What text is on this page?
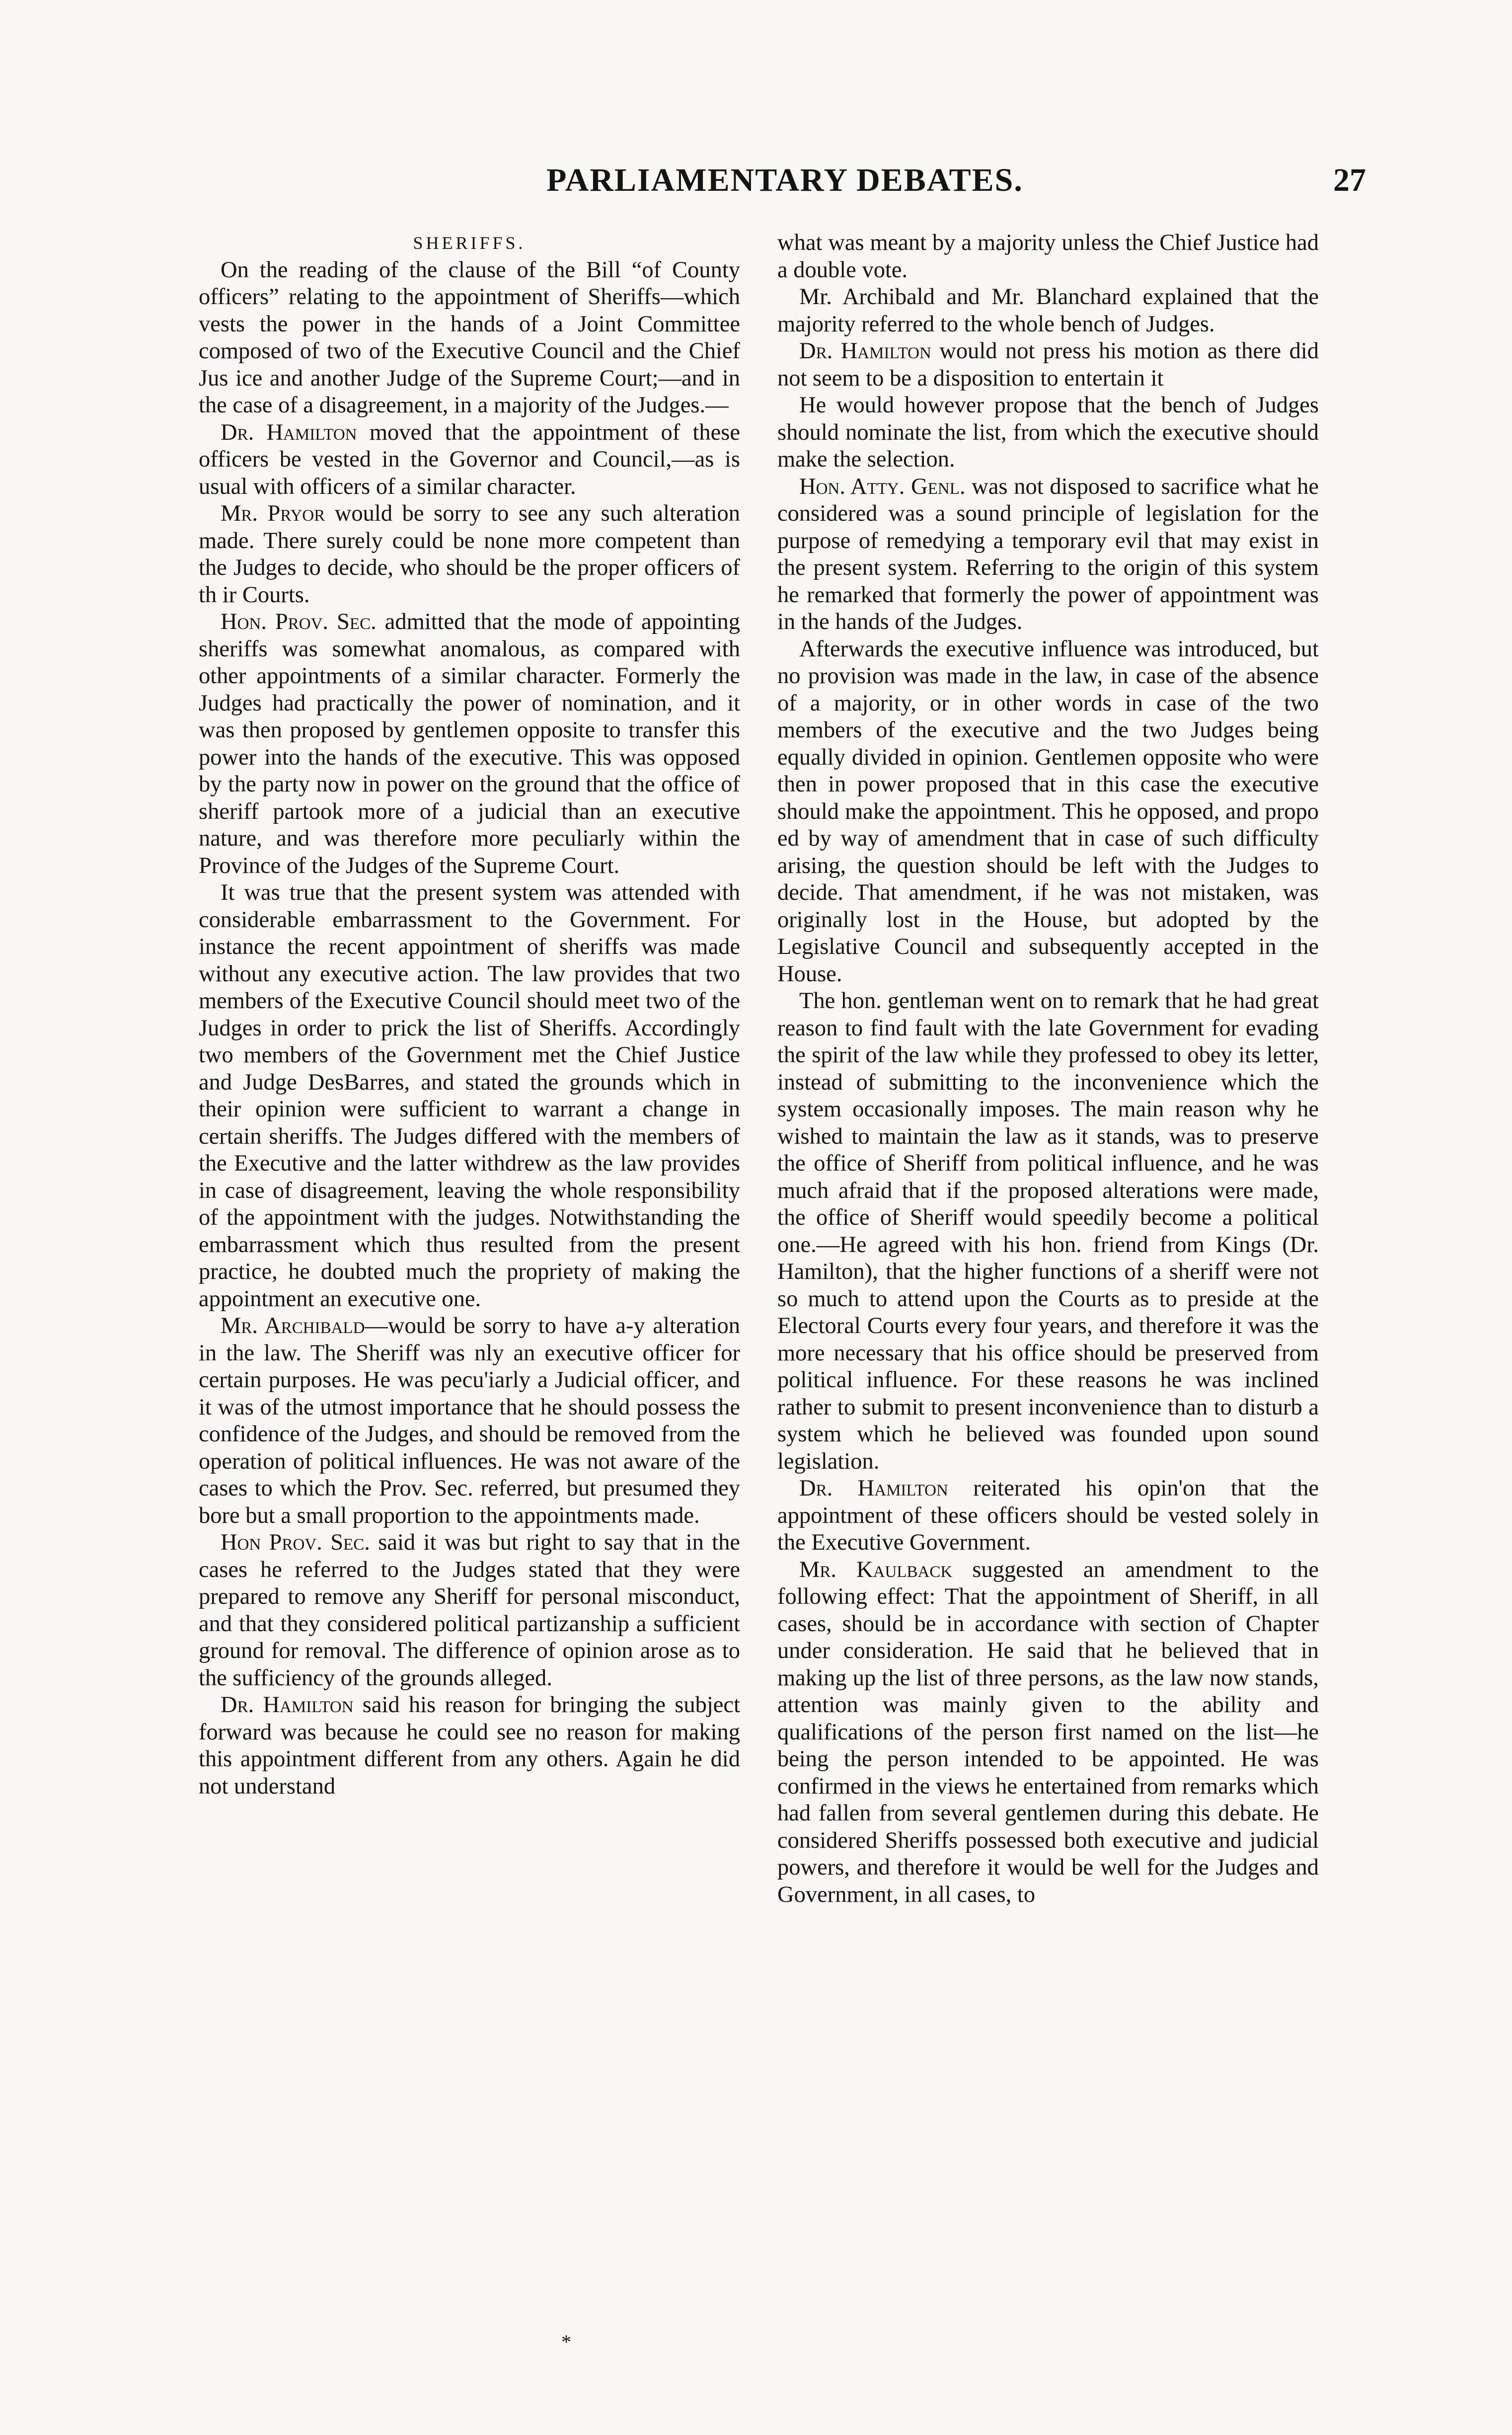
PARLIAMENTARY DEBATES.	27

SHERIFFS.

On the reading of the clause of the Bill “of County officers” relating to the appointment of Sheriffs—which vests the power in the hands of a Joint Committee composed of two of the Executive Council and the Chief Jus ice and another Judge of the Supreme Court;—and in the case of a disagreement, in a majority of the Judges.—

Dr. Hamilton moved that the appointment of these officers be vested in the Governor and Council,—as is usual with officers of a similar character.

Mr. Pryor would be sorry to see any such alteration made. There surely could be none more competent than the Judges to decide, who should be the proper officers of th ir Courts.

Hon. Prov. Sec. admitted that the mode of appointing sheriffs was somewhat anomalous, as compared with other appointments of a similar character. Formerly the Judges had practically the power of nomination, and it was then proposed by gentlemen opposite to transfer this power into the hands of the executive. This was opposed by the party now in power on the ground that the office of sheriff partook more of a judicial than an executive nature, and was therefore more peculiarly within the Province of the Judges of the Supreme Court.

It was true that the present system was attended with considerable embarrassment to the Government. For instance the recent appointment of sheriffs was made without any executive action. The law provides that two members of the Executive Council should meet two of the Judges in order to prick the list of Sheriffs. Accordingly two members of the Government met the Chief Justice and Judge DesBarres, and stated the grounds which in their opinion were sufficient to warrant a change in certain sheriffs. The Judges differed with the members of the Executive and the latter withdrew as the law provides in case of disagreement, leaving the whole responsibility of the appointment with the judges. Notwithstanding the embarrassment which thus resulted from the present practice, he doubted much the propriety of making the appointment an executive one.

Mr. Archibald—would be sorry to have a-y alteration in the law. The Sheriff was nly an executive officer for certain purposes. He was pecu'iarly a Judicial officer, and it was of the utmost importance that he should possess the confidence of the Judges, and should be removed from the operation of political influences. He was not aware of the cases to which the Prov. Sec. referred, but presumed they bore but a small proportion to the appointments made.

Hon Prov. Sec. said it was but right to say that in the cases he referred to the Judges stated that they were prepared to remove any Sheriff for personal misconduct, and that they considered political partizanship a sufficient ground for removal. The difference of opinion arose as to the sufficiency of the grounds alleged.

Dr. Hamilton said his reason for bringing the subject forward was because he could see no reason for making this appointment different from any others. Again he did not understand

what was meant by a majority unless the Chief Justice had a double vote.

Mr. Archibald and Mr. Blanchard explained that the majority referred to the whole bench of Judges.

Dr. Hamilton would not press his motion as there did not seem to be a disposition to entertain it

He would however propose that the bench of Judges should nominate the list, from which the executive should make the selection.

Hon. Atty. Genl. was not disposed to sacrifice what he considered was a sound principle of legislation for the purpose of remedying a temporary evil that may exist in the present system. Referring to the origin of this system he remarked that formerly the power of appointment was in the hands of the Judges.

Afterwards the executive influence was introduced, but no provision was made in the law, in case of the absence of a majority, or in other words in case of the two members of the executive and the two Judges being equally divided in opinion. Gentlemen opposite who were then in power proposed that in this case the executive should make the appointment. This he opposed, and propo ed by way of amendment that in case of such difficulty arising, the question should be left with the Judges to decide. That amendment, if he was not mistaken, was originally lost in the House, but adopted by the Legislative Council and subsequently accepted in the House.

The hon. gentleman went on to remark that he had great reason to find fault with the late Government for evading the spirit of the law while they professed to obey its letter, instead of submitting to the inconvenience which the system occasionally imposes. The main reason why he wished to maintain the law as it stands, was to preserve the office of Sheriff from political influence, and he was much afraid that if the proposed alterations were made, the office of Sheriff would speedily become a political one.—He agreed with his hon. friend from Kings (Dr. Hamilton), that the higher functions of a sheriff were not so much to attend upon the Courts as to preside at the Electoral Courts every four years, and therefore it was the more necessary that his office should be preserved from political influence. For these reasons he was inclined rather to submit to present inconvenience than to disturb a system which he believed was founded upon sound legislation.

Dr. Hamilton reiterated his opin'on that the appointment of these officers should be vested solely in the Executive Government.

Mr. Kaulback suggested an amendment to the following effect: That the appointment of Sheriff, in all cases, should be in accordance with section of Chapter under consideration. He said that he believed that in making up the list of three persons, as the law now stands, attention was mainly given to the ability and qualifications of the person first named on the list—he being the person intended to be appointed. He was confirmed in the views he entertained from remarks which had fallen from several gentlemen during this debate. He considered Sheriffs possessed both executive and judicial powers, and therefore it would be well for the Judges and Government, in all cases, to

*
